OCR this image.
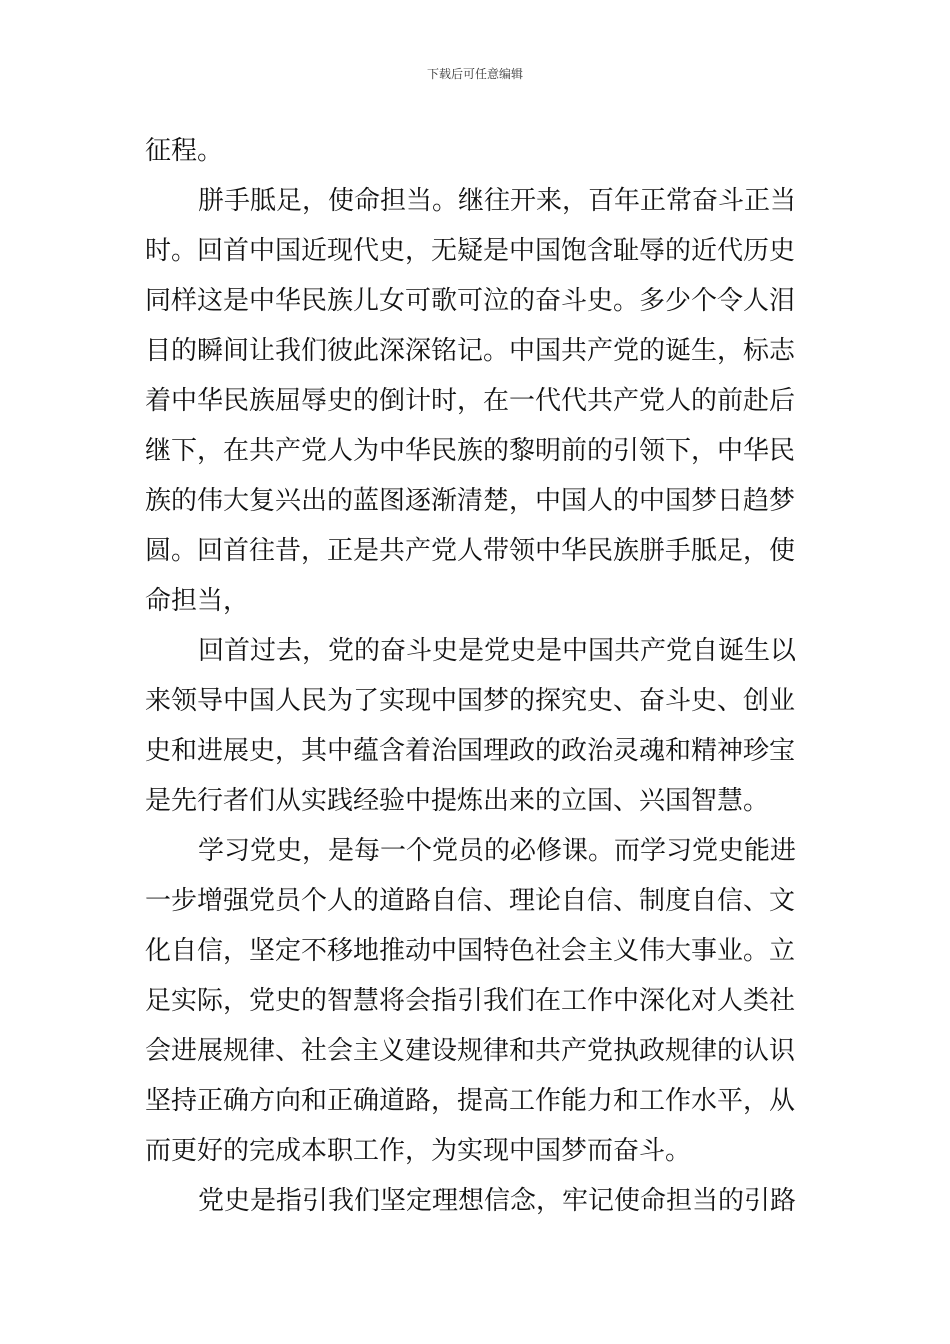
下载后可任意编辑
征程。
胼手胝足，使命担当。继往开来，百年正常奋斗正当
时。回首中国近现代史，无疑是中国饱含耻辱的近代历史
同样这是中华民族儿女可歌可泣的奋斗史。多少个令人泪
目的瞬间让我们彼此深深铭记。中国共产党的诞生，标志
着中华民族屈辱史的倒计时，在一代代共产党人的前赴后
继下，在共产党人为中华民族的黎明前的引领下，中华民
族的伟大复兴出的蓝图逐渐清楚，中国人的中国梦日趋梦
圆。回首往昔，正是共产党人带领中华民族胼手胝足，使
命担当，
回首过去，党的奋斗史是党史是中国共产党自诞生以
来领导中国人民为了实现中国梦的探究史、奋斗史、创业
史和进展史，其中蕴含着治国理政的政治灵魂和精神珍宝
是先行者们从实践经验中提炼出来的立国、兴国智慧。
学习党史，是每一个党员的必修课。而学习党史能进
一步增强党员个人的道路自信、理论自信、制度自信、文
化自信，坚定不移地推动中国特色社会主义伟大事业。立
足实际，党史的智慧将会指引我们在工作中深化对人类社
会进展规律、社会主义建设规律和共产党执政规律的认识
坚持正确方向和正确道路，提高工作能力和工作水平，从
而更好的完成本职工作，为实现中国梦而奋斗。
党史是指引我们坚定理想信念，牢记使命担当的引路
